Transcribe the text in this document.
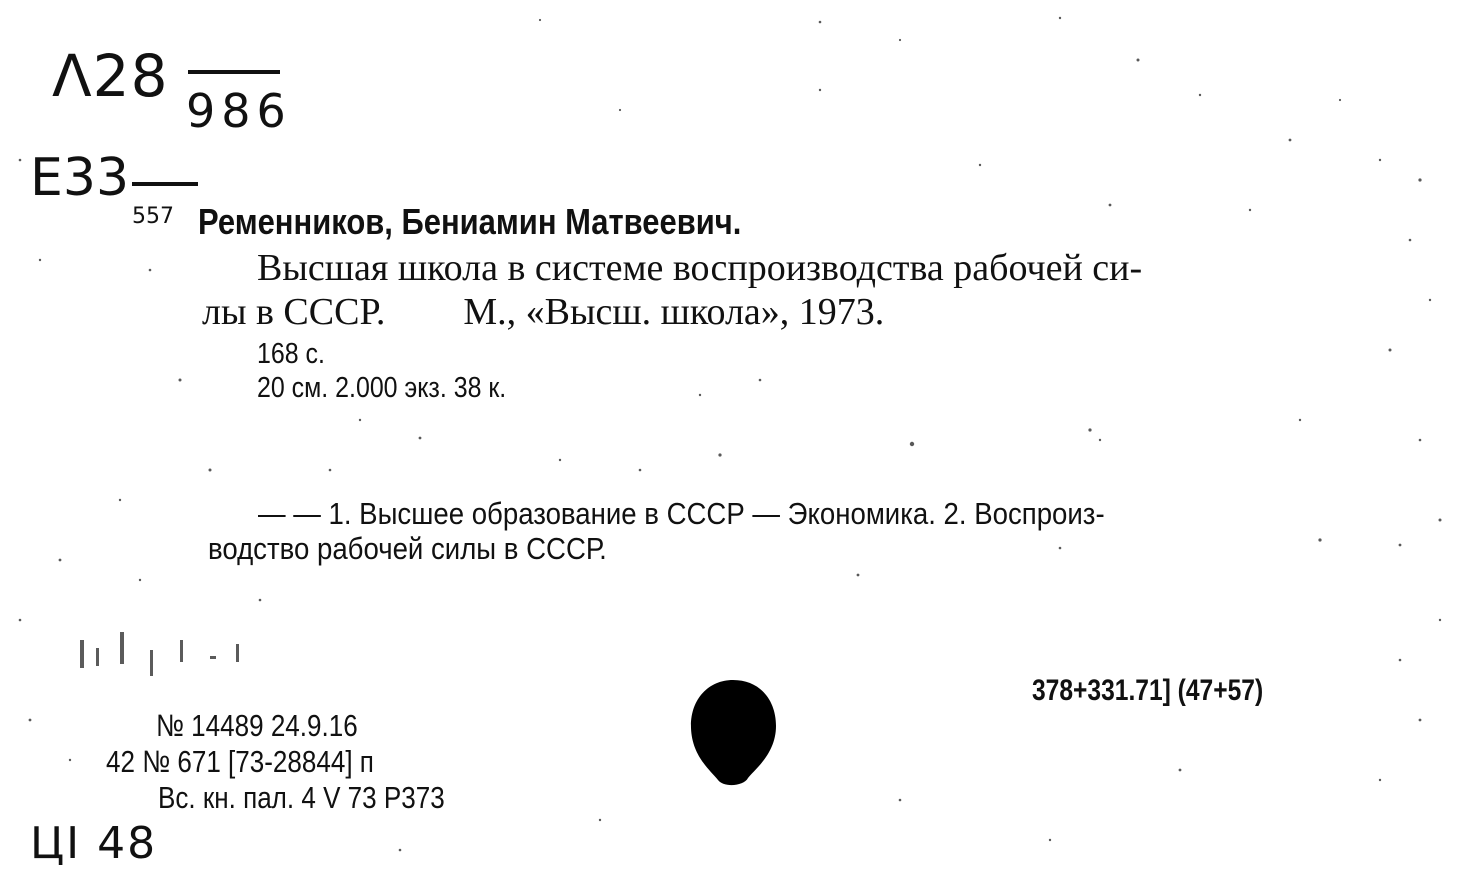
Λ28
986
Е33
557 Ременников, Бениамин Матвеевич.
Высшая школа в системе воспроизводства рабочей си-
лы в СССР. М., «Высш. школа», 1973.
168 с.
20 см. 2.000 экз. 38 к.
— — 1. Высшее образование в СССР — Экономика. 2. Воспроиз-
водство рабочей силы в СССР.
378+331.71] (47+57)
№ 14489 24.9.16
42 № 671 [73-28844] п
Вс. кн. пал. 4 V 73 Р373
ЦI 48
